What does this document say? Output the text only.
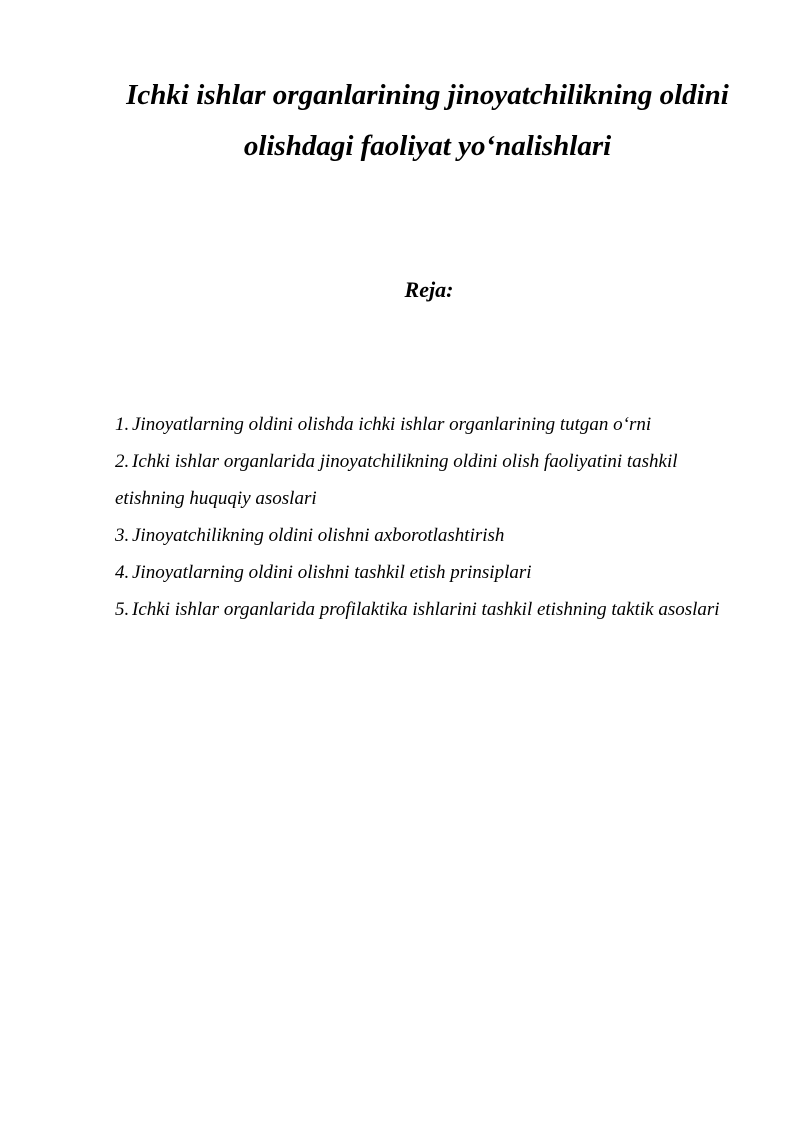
Ichki ishlar organlarining jinoyatchilikning oldini
olishdagi faoliyat yo‘nalishlari
Reja:
1. Jinoyatlarning oldini olishda ichki ishlar organlarining tutgan o‘rni
2. Ichki ishlar organlarida jinoyatchilikning oldini olish faoliyatini tashkil etishning huquqiy asoslari
3. Jinoyatchilikning oldini olishni axborotlashtirish
4. Jinoyatlarning oldini olishni tashkil etish prinsiplari
5. Ichki ishlar organlarida profilaktika ishlarini tashkil etishning taktik asoslari
